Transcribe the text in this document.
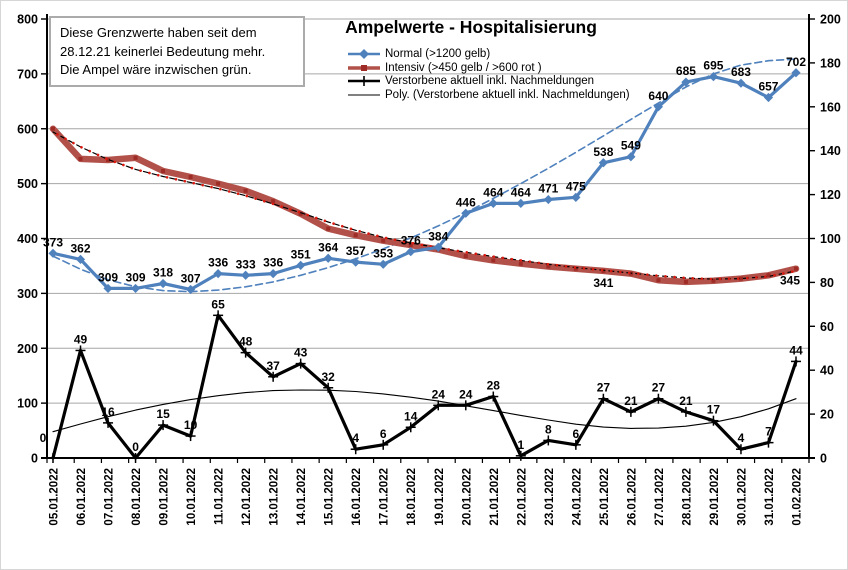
0
100
200
300
400
500
600
700
800
0
20
40
60
80
100
120
140
160
180
200
05.01.2022 06.01.2022 07.01.2022 08.01.2022 09.01.2022 10.01.2022 11.01.2022 12.01.2022 13.01.2022 14.01.2022 15.01.2022 16.01.2022 17.01.2022 18.01.2022 19.01.2022 20.01.2022 21.01.2022 22.01.2022 23.01.2022 24.01.2022 25.01.2022 26.01.2022 27.01.2022 28.01.2022 29.01.2022 30.01.2022 31.01.2022 01.02.2022
341	345
373 362
309 309 318 307
336 333 336
351
364 357 353
376 384
446
464 464 471 475
538 549
640
685 695 683
657
702
0
49
16
0
15
10
65
48
37
43
32
4 6
14
24 24
28
1
8 6
27
21
27
21
17
4 7
44
Diese Grenzwerte haben seit dem
28.12.21 keinerlei Bedeutung mehr.
Die Ampel wäre inzwischen grün.
Ampelwerte - Hospitalisierung
Normal (>1200 gelb)
Intensiv (>450 gelb / >600 rot )
Verstorbene aktuell inkl. Nachmeldungen
Poly. (Verstorbene aktuell inkl. Nachmeldungen)
